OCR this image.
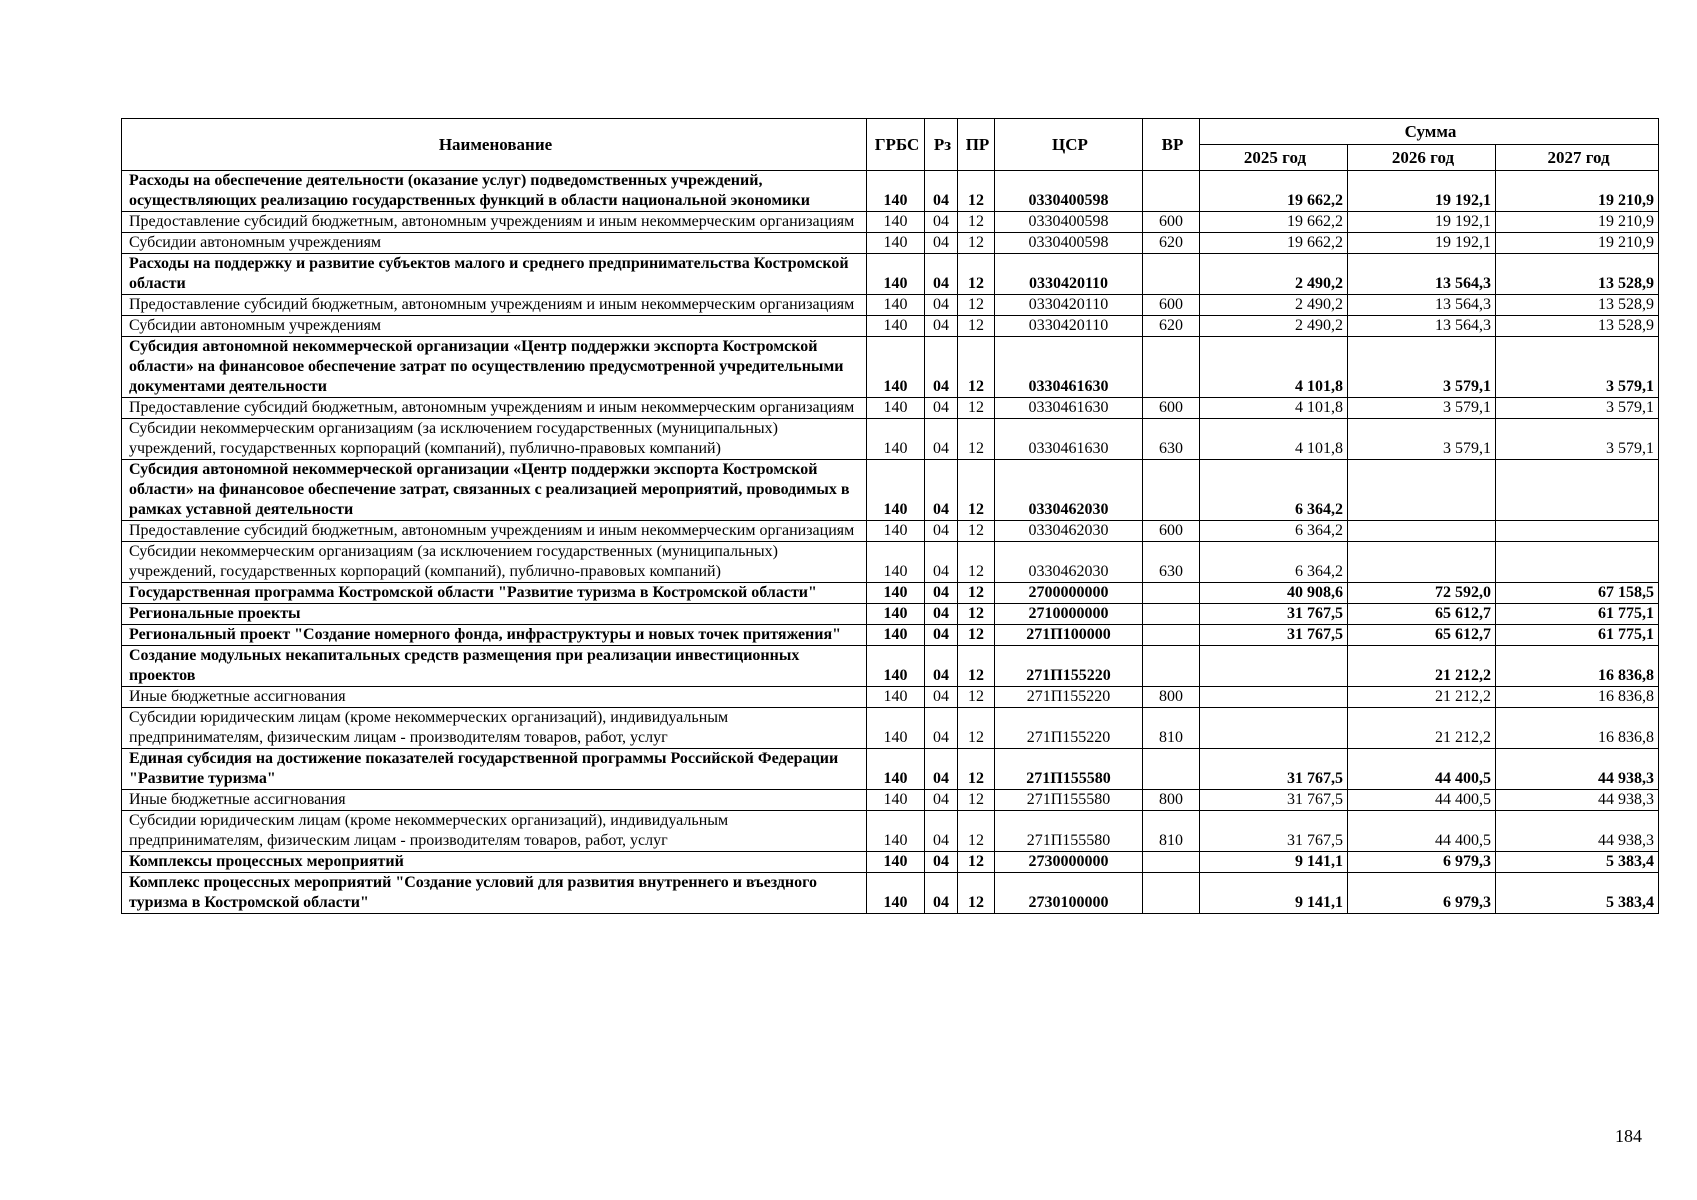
Наименование	ГРБС	Рз	ПР	ЦСР	ВР	Сумма		
						2025 год	2026 год	2027 год
Расходы на обеспечение деятельности (оказание услуг) подведомственных учреждений, осуществляющих реализацию государственных функций в области национальной экономики	140	04	12	0330400598		19 662,2	19 192,1	19 210,9
Предоставление субсидий бюджетным, автономным учреждениям и иным некоммерческим организациям	140	04	12	0330400598	600	19 662,2	19 192,1	19 210,9
Субсидии автономным учреждениям	140	04	12	0330400598	620	19 662,2	19 192,1	19 210,9
Расходы на поддержку и развитие субъектов малого и среднего предпринимательства Костромской области	140	04	12	0330420110		2 490,2	13 564,3	13 528,9
Предоставление субсидий бюджетным, автономным учреждениям и иным некоммерческим организациям	140	04	12	0330420110	600	2 490,2	13 564,3	13 528,9
Субсидии автономным учреждениям	140	04	12	0330420110	620	2 490,2	13 564,3	13 528,9
Субсидия автономной некоммерческой организации «Центр поддержки экспорта Костромской области» на финансовое обеспечение затрат по осуществлению предусмотренной учредительными документами деятельности	140	04	12	0330461630		4 101,8	3 579,1	3 579,1
Предоставление субсидий бюджетным, автономным учреждениям и иным некоммерческим организациям	140	04	12	0330461630	600	4 101,8	3 579,1	3 579,1
Субсидии некоммерческим организациям (за исключением государственных (муниципальных) учреждений, государственных корпораций (компаний), публично-правовых компаний)	140	04	12	0330461630	630	4 101,8	3 579,1	3 579,1
Субсидия автономной некоммерческой организации «Центр поддержки экспорта Костромской области» на финансовое обеспечение затрат, связанных с реализацией мероприятий, проводимых в рамках уставной деятельности	140	04	12	0330462030		6 364,2		
Предоставление субсидий бюджетным, автономным учреждениям и иным некоммерческим организациям	140	04	12	0330462030	600	6 364,2		
Субсидии некоммерческим организациям (за исключением государственных (муниципальных) учреждений, государственных корпораций (компаний), публично-правовых компаний)	140	04	12	0330462030	630	6 364,2		
Государственная программа Костромской области "Развитие туризма в Костромской области"	140	04	12	2700000000		40 908,6	72 592,0	67 158,5
Региональные проекты	140	04	12	2710000000		31 767,5	65 612,7	61 775,1
Региональный проект "Создание номерного фонда, инфраструктуры и новых точек притяжения"	140	04	12	271П100000		31 767,5	65 612,7	61 775,1
Создание модульных некапитальных средств размещения при реализации инвестиционных проектов	140	04	12	271П155220			21 212,2	16 836,8
Иные бюджетные ассигнования	140	04	12	271П155220	800		21 212,2	16 836,8
Субсидии юридическим лицам (кроме некоммерческих организаций), индивидуальным предпринимателям, физическим лицам - производителям товаров, работ, услуг	140	04	12	271П155220	810		21 212,2	16 836,8
Единая субсидия на достижение показателей государственной программы Российской Федерации "Развитие туризма"	140	04	12	271П155580		31 767,5	44 400,5	44 938,3
Иные бюджетные ассигнования	140	04	12	271П155580	800	31 767,5	44 400,5	44 938,3
Субсидии юридическим лицам (кроме некоммерческих организаций), индивидуальным предпринимателям, физическим лицам - производителям товаров, работ, услуг	140	04	12	271П155580	810	31 767,5	44 400,5	44 938,3
Комплексы процессных мероприятий	140	04	12	2730000000		9 141,1	6 979,3	5 383,4
Комплекс процессных мероприятий "Создание условий для развития внутреннего и въездного туризма в Костромской области"	140	04	12	2730100000		9 141,1	6 979,3	5 383,4
184
